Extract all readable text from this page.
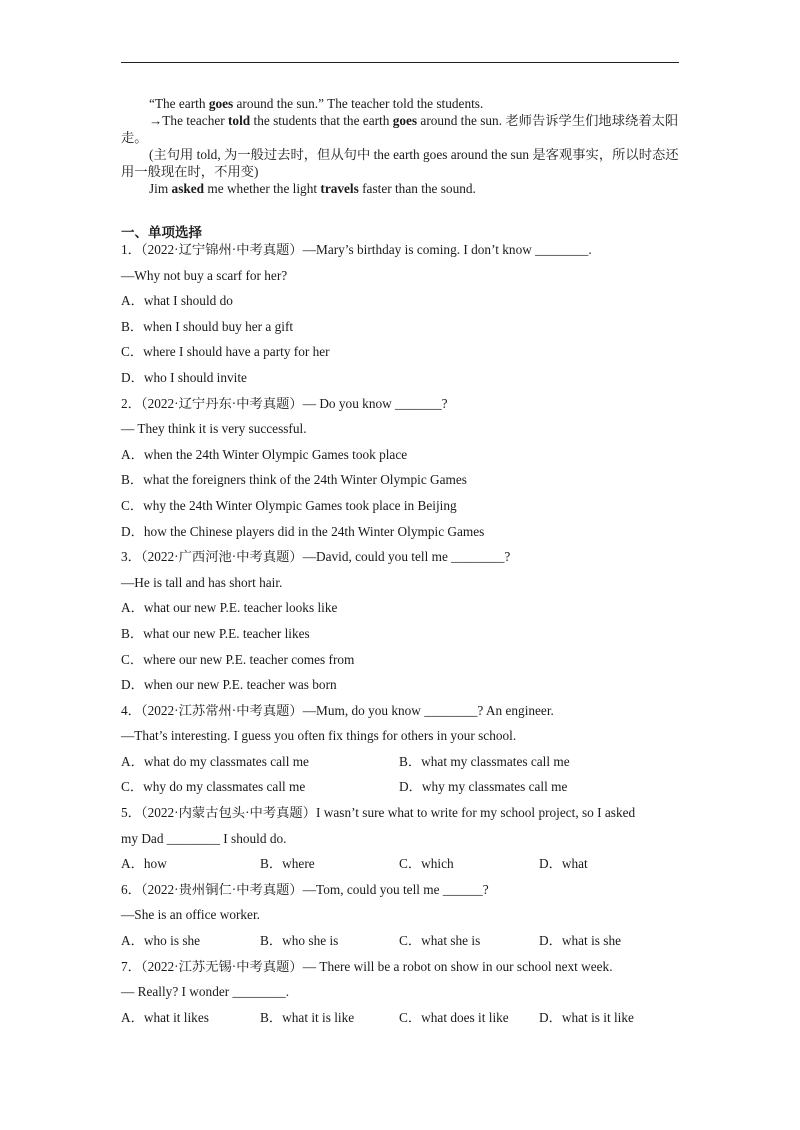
“The earth goes around the sun.” The teacher told the students.

→The teacher told the students that the earth goes around the sun. 老师告诉学生们地球绕着太阳走。

(主句用 told, 为一般过去时，但从句中 the earth goes around the sun 是客观事实，所以时态还用一般现在时，不用变)

Jim asked me whether the light travels faster than the sound.

一、单项选择
1．（2022·辽宁锦州·中考真题）—Mary’s birthday is coming. I don’t know ________.
—Why not buy a scarf for her?
A．what I should do
B．when I should buy her a gift
C．where I should have a party for her
D．who I should invite
2．（2022·辽宁丹东·中考真题）— Do you know _______?
— They think it is very successful.
A．when the 24th Winter Olympic Games took place
B．what the foreigners think of the 24th Winter Olympic Games
C．why the 24th Winter Olympic Games took place in Beijing
D．how the Chinese players did in the 24th Winter Olympic Games
3．（2022·广西河池·中考真题）—David, could you tell me ________?
—He is tall and has short hair.
A．what our new P.E. teacher looks like
B．what our new P.E. teacher likes
C．where our new P.E. teacher comes from
D．when our new P.E. teacher was born
4．（2022·江苏常州·中考真题）—Mum, do you know ________? An engineer.
—That’s interesting. I guess you often fix things for others in your school.
A．what do my classmates call me	B．what my classmates call me
C．why do my classmates call me	D．why my classmates call me
5．（2022·内蒙古包头·中考真题）I wasn’t sure what to write for my school project, so I asked
my Dad ________ I should do.
A．how	B．where	C．which	D．what
6．（2022·贵州铜仁·中考真题）—Tom, could you tell me ______?
—She is an office worker.
A．who is she	B．who she is	C．what she is	D．what is she
7．（2022·江苏无锡·中考真题）— There will be a robot on show in our school next week.
— Really? I wonder ________.
A．what it likes	B．what it is like	C．what does it like D．what is it like
